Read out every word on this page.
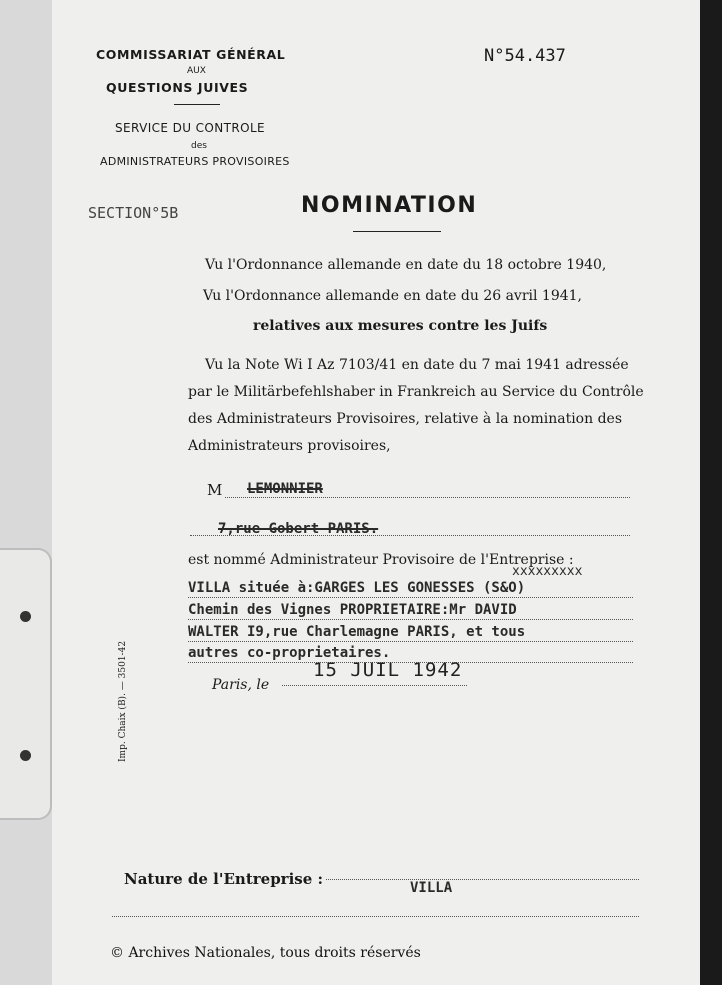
COMMISSARIAT GÉNÉRAL
AUX
QUESTIONS JUIVES
SERVICE DU CONTROLE
des
ADMINISTRATEURS PROVISOIRES
N°54.437
SECTION°5B	NOMINATION
Vu l'Ordonnance allemande en date du 18 octobre 1940,
Vu l'Ordonnance allemande en date du 26 avril 1941,
relatives aux mesures contre les Juifs
Vu la Note Wi I Az 7103/41 en date du 7 mai 1941 adressée
par le Militärbefehlshaber in Frankreich au Service du Contrôle
des Administrateurs Provisoires, relative à la nomination des
Administrateurs provisoires,
M LEMONNIER
7,rue Gobert PARIS.
est nommé Administrateur Provisoire de l'Entreprise :
xxxxxxxxx
VILLA située à:GARGES LES GONESSES (S&O)
Chemin des Vignes PROPRIETAIRE:Mr DAVID
WALTER I9,rue Charlemagne PARIS, et tous
autres co-proprietaires.
Paris, le
15 JUIL 1942
Imp. Chaix (B). — 3501-42
Nature de l'Entreprise :	VILLA
© Archives Nationales, tous droits réservés
